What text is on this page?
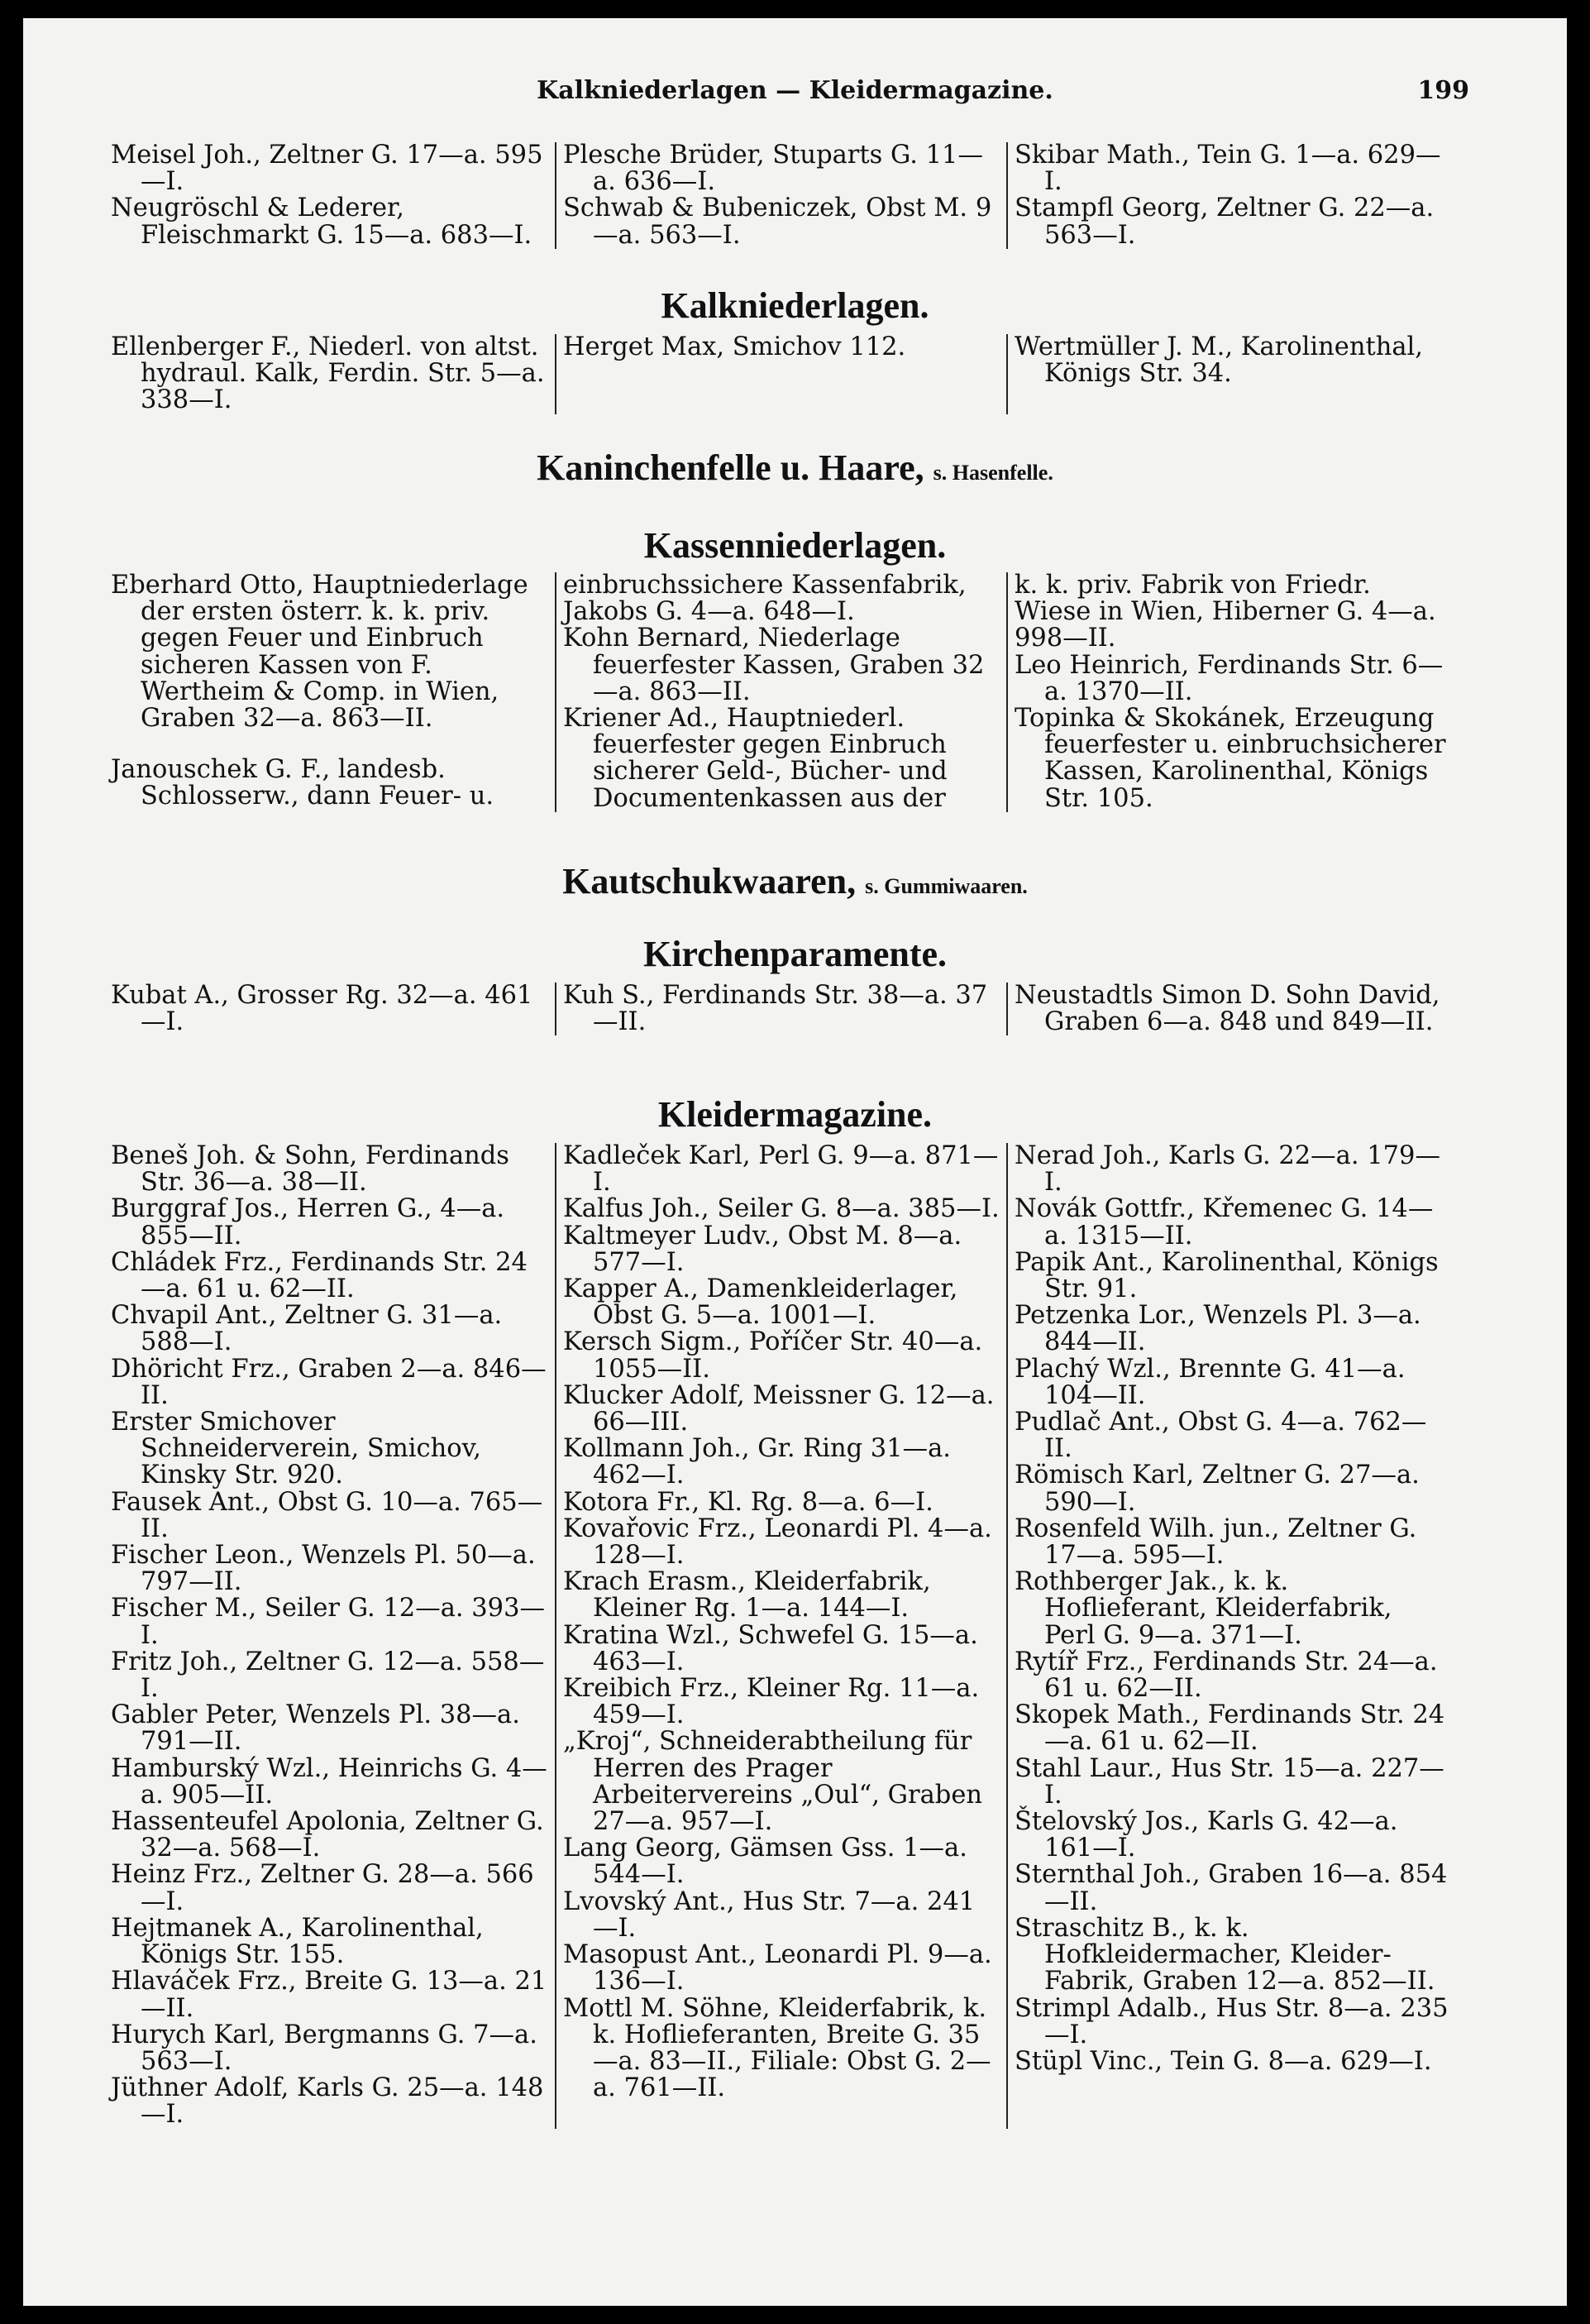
Kalkniederlagen — Kleidermagazine.	199

Meisel Joh., Zeltner G. 17—a. 595—I.

Neugröschl & Lederer, Fleischmarkt G. 15—a. 683—I.

Plesche Brüder, Stuparts G. 11—a. 636—I.

Schwab & Bubeniczek, Obst M. 9—a. 563—I.

Skibar Math., Tein G. 1—a. 629—I.

Stampfl Georg, Zeltner G. 22—a. 563—I.

Kalkniederlagen.

Ellenberger F., Niederl. von altst. hydraul. Kalk, Ferdin. Str. 5—a. 338—I.

Herget Max, Smichov 112.	Wertmüller J. M., Karolinenthal, Königs Str. 34.

Kaninchenfelle u. Haare, s. Hasenfelle.
Kassenniederlagen.

Eberhard Otto, Hauptniederlage der ersten österr. k. k. priv. gegen Feuer und Einbruch sicheren Kassen von F. Wertheim & Comp. in Wien, Graben 32—a. 863—II.

Janouschek G. F., landesb. Schlosserw., dann Feuer- u.

einbruchssichere Kassenfabrik, Jakobs G. 4—a. 648—I.

Kohn Bernard, Niederlage feuerfester Kassen, Graben 32—a. 863—II.

Kriener Ad., Hauptniederl. feuerfester gegen Einbruch sicherer Geld-, Bücher- und Documentenkassen aus der

k. k. priv. Fabrik von Friedr. Wiese in Wien, Hiberner G. 4—a. 998—II.

Leo Heinrich, Ferdinands Str. 6—a. 1370—II.

Topinka & Skokánek, Erzeugung feuerfester u. einbruchsicherer Kassen, Karolinenthal, Königs Str. 105.

Kautschukwaaren, s. Gummiwaaren.
Kirchenparamente.

Kubat A., Grosser Rg. 32—a. 461—I.

Kuh S., Ferdinands Str. 38—a. 37—II.

Neustadtls Simon D. Sohn David, Graben 6—a. 848 und 849—II.

Kleidermagazine.

Beneš Joh. & Sohn, Ferdinands Str. 36—a. 38—II.

Burggraf Jos., Herren G., 4—a. 855—II.

Chládek Frz., Ferdinands Str. 24—a. 61 u. 62—II.

Chvapil Ant., Zeltner G. 31—a. 588—I.

Dhöricht Frz., Graben 2—a. 846—II.

Erster Smichover Schneiderverein, Smichov, Kinsky Str. 920.

Fausek Ant., Obst G. 10—a. 765—II.

Fischer Leon., Wenzels Pl. 50—a. 797—II.

Fischer M., Seiler G. 12—a. 393—I.

Fritz Joh., Zeltner G. 12—a. 558—I.

Gabler Peter, Wenzels Pl. 38—a. 791—II.

Hamburský Wzl., Heinrichs G. 4—a. 905—II.

Hassenteufel Apolonia, Zeltner G. 32—a. 568—I.

Heinz Frz., Zeltner G. 28—a. 566—I.

Hejtmanek A., Karolinenthal, Königs Str. 155.

Hlaváček Frz., Breite G. 13—a. 21—II.

Hurych Karl, Bergmanns G. 7—a. 563—I.

Jüthner Adolf, Karls G. 25—a. 148—I.

Kadleček Karl, Perl G. 9—a. 871—I.

Kalfus Joh., Seiler G. 8—a. 385—I.

Kaltmeyer Ludv., Obst M. 8—a. 577—I.

Kapper A., Damenkleiderlager, Obst G. 5—a. 1001—I.

Kersch Sigm., Poříčer Str. 40—a. 1055—II.

Klucker Adolf, Meissner G. 12—a. 66—III.

Kollmann Joh., Gr. Ring 31—a. 462—I.

Kotora Fr., Kl. Rg. 8—a. 6—I.

Kovařovic Frz., Leonardi Pl. 4—a. 128—I.

Krach Erasm., Kleiderfabrik, Kleiner Rg. 1—a. 144—I.

Kratina Wzl., Schwefel G. 15—a. 463—I.

Kreibich Frz., Kleiner Rg. 11—a. 459—I.

„Kroj“, Schneiderabtheilung für Herren des Prager Arbeitervereins „Oul“, Graben 27—a. 957—I.

Lang Georg, Gämsen Gss. 1—a. 544—I.

Lvovský Ant., Hus Str. 7—a. 241—I.

Masopust Ant., Leonardi Pl. 9—a. 136—I.

Mottl M. Söhne, Kleiderfabrik, k. k. Hoflieferanten, Breite G. 35—a. 83—II., Filiale: Obst G. 2—a. 761—II.

Nerad Joh., Karls G. 22—a. 179—I.

Novák Gottfr., Křemenec G. 14—a. 1315—II.

Papik Ant., Karolinenthal, Königs Str. 91.

Petzenka Lor., Wenzels Pl. 3—a. 844—II.

Plachý Wzl., Brennte G. 41—a. 104—II.

Pudlač Ant., Obst G. 4—a. 762—II.

Römisch Karl, Zeltner G. 27—a. 590—I.

Rosenfeld Wilh. jun., Zeltner G. 17—a. 595—I.

Rothberger Jak., k. k. Hoflieferant, Kleiderfabrik, Perl G. 9—a. 371—I.

Rytíř Frz., Ferdinands Str. 24—a. 61 u. 62—II.

Skopek Math., Ferdinands Str. 24—a. 61 u. 62—II.

Stahl Laur., Hus Str. 15—a. 227—I.

Štelovský Jos., Karls G. 42—a. 161—I.

Sternthal Joh., Graben 16—a. 854—II.

Straschitz B., k. k. Hofkleidermacher, Kleider-Fabrik, Graben 12—a. 852—II.

Strimpl Adalb., Hus Str. 8—a. 235—I.

Stüpl Vinc., Tein G. 8—a. 629—I.
